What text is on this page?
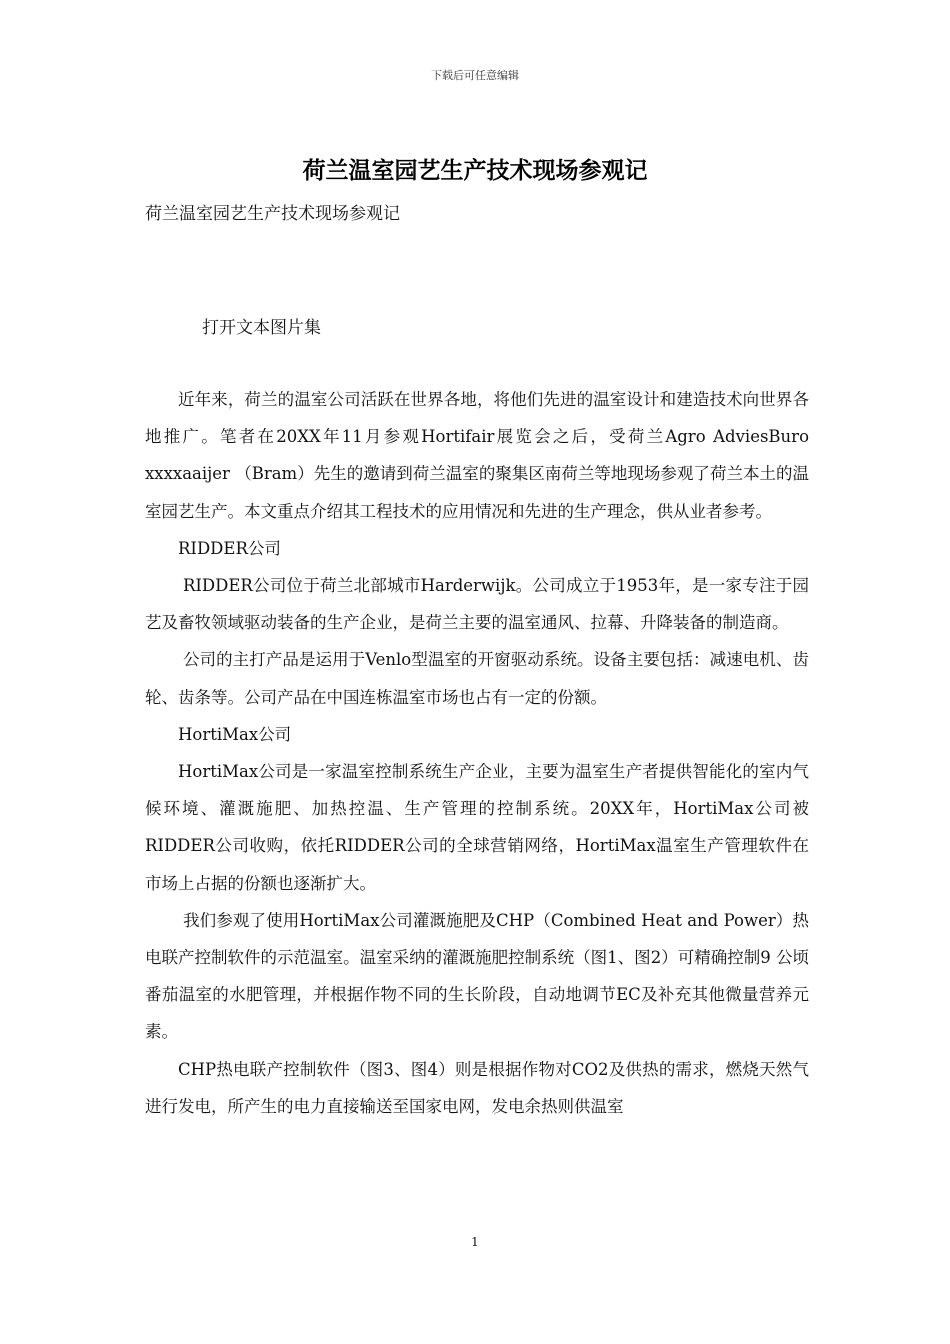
下载后可任意编辑
荷兰温室园艺生产技术现场参观记
荷兰温室园艺生产技术现场参观记
打开文本图片集

近年来，荷兰的温室公司活跃在世界各地，将他们先进的温室设计和建造技术向世界各地推广。笔者在20XX年11月参观Hortifair展览会之后，受荷兰Agro AdviesBuro xxxxaaijer （Bram）先生的邀请到荷兰温室的聚集区南荷兰等地现场参观了荷兰本土的温室园艺生产。本文重点介绍其工程技术的应用情况和先进的生产理念，供从业者参考。

RIDDER公司

RIDDER公司位于荷兰北部城市Harderwijk。公司成立于1953年，是一家专注于园艺及畜牧领域驱动装备的生产企业，是荷兰主要的温室通风、拉幕、升降装备的制造商。

公司的主打产品是运用于Venlo型温室的开窗驱动系统。设备主要包括：减速电机、齿轮、齿条等。公司产品在中国连栋温室市场也占有一定的份额。

HortiMax公司

HortiMax公司是一家温室控制系统生产企业，主要为温室生产者提供智能化的室内气候环境、灌溉施肥、加热控温、生产管理的控制系统。20XX年，HortiMax公司被RIDDER公司收购，依托RIDDER公司的全球营销网络，HortiMax温室生产管理软件在市场上占据的份额也逐渐扩大。

我们参观了使用HortiMax公司灌溉施肥及CHP（Combined Heat and Power）热电联产控制软件的示范温室。温室采纳的灌溉施肥控制系统（图1、图2）可精确控制9 公顷番茄温室的水肥管理，并根据作物不同的生长阶段，自动地调节EC及补充其他微量营养元素。

CHP热电联产控制软件（图3、图4）则是根据作物对CO2及供热的需求，燃烧天然气进行发电，所产生的电力直接输送至国家电网，发电余热则供温室

1
